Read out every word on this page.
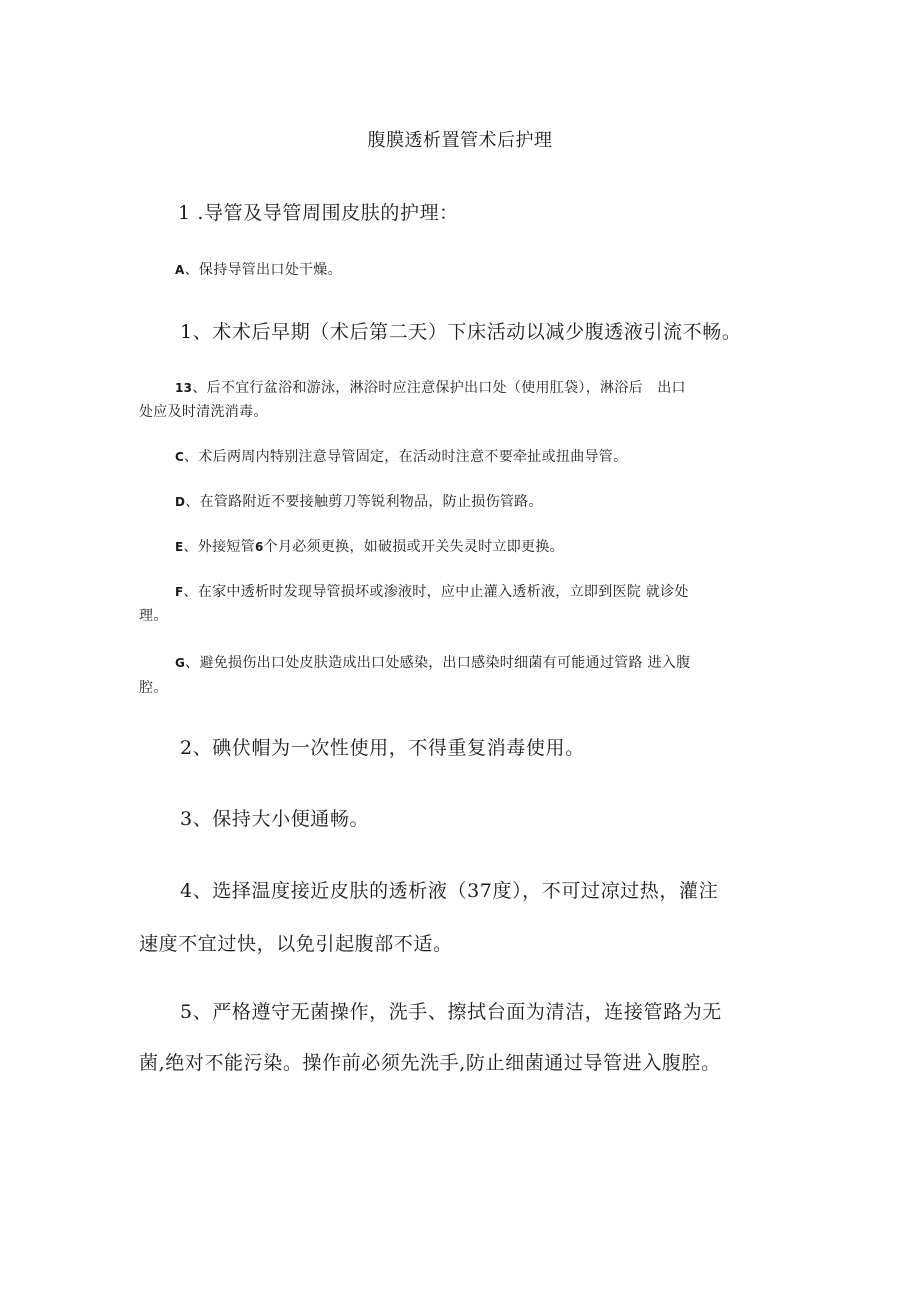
腹膜透析置管术后护理
1 .导管及导管周围皮肤的护理：
A、保持导管出口处干燥。
1、术术后早期（术后第二天）下床活动以减少腹透液引流不畅。
13、后不宜行盆浴和游泳，淋浴时应注意保护出口处（使用肛袋），淋浴后　出口
处应及时清洗消毒。
C、术后两周内特别注意导管固定，在活动时注意不要牵扯或扭曲导管。
D、在管路附近不要接触剪刀等锐利物品，防止损伤管路。
E、外接短管6个月必须更换，如破损或开关失灵时立即更换。
F、在家中透析时发现导管损坏或渗液时，应中止灌入透析液，立即到医院 就诊处
理。
G、避免损伤出口处皮肤造成出口处感染，出口感染时细菌有可能通过管路 进入腹
腔。
2、碘伏帽为一次性使用，不得重复消毒使用。
3、保持大小便通畅。
4、选择温度接近皮肤的透析液（37度），不可过凉过热，灌注
速度不宜过快，以免引起腹部不适。
5、严格遵守无菌操作，洗手、擦拭台面为清洁，连接管路为无
菌,绝对不能污染。操作前必须先洗手,防止细菌通过导管进入腹腔。
